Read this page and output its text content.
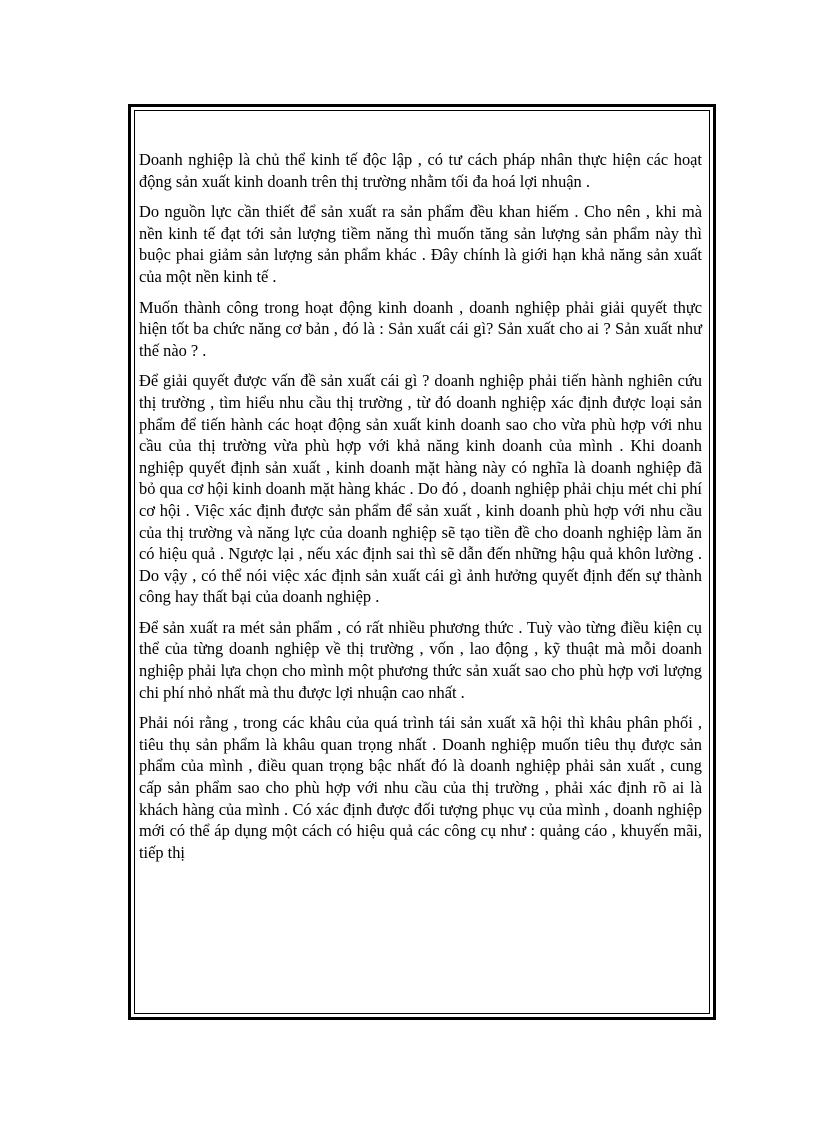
Doanh nghiệp là chủ thể kinh tế độc lập , có tư cách pháp nhân thực hiện các hoạt động sản xuất kinh doanh trên thị trường nhằm tối đa hoá lợi nhuận .

Do nguồn lực cần thiết để sản xuất ra sản phẩm đều khan hiếm . Cho nên , khi mà nền kinh tế đạt tới sản lượng tiềm năng thì muốn tăng sản lượng sản phẩm này thì buộc phai giảm sản lượng sản phẩm khác . Đây chính là giới hạn khả năng sản xuất của một nền kinh tế .

Muốn thành công trong hoạt động kinh doanh , doanh nghiệp phải giải quyết thực hiện tốt ba chức năng cơ bản , đó là : Sản xuất cái gì? Sản xuất cho ai ? Sản xuất như thế nào ? .

Để giải quyết được vấn đề sản xuất cái gì ? doanh nghiệp phải tiến hành nghiên cứu thị trường , tìm hiểu nhu cầu thị trường , từ đó doanh nghiệp xác định được loại sản phẩm để tiến hành các hoạt động sản xuất kinh doanh sao cho vừa phù hợp với nhu cầu của thị trường vừa phù hợp với khả năng kinh doanh của mình . Khi doanh nghiệp quyết định sản xuất , kinh doanh mặt hàng này có nghĩa là doanh nghiệp đã bỏ qua cơ hội kinh doanh mặt hàng khác . Do đó , doanh nghiệp phải chịu mét chi phí cơ hội . Việc xác định được sản phẩm để sản xuất , kinh doanh phù hợp với nhu cầu của thị trường và năng lực của doanh nghiệp sẽ tạo tiền đề cho doanh nghiệp làm ăn có hiệu quả . Ngược lại , nếu xác định sai thì sẽ dẫn đến những hậu quả khôn lường . Do vậy , có thể nói việc xác định sản xuất cái gì ảnh hưởng quyết định đến sự thành công hay thất bại của doanh nghiệp .

Để sản xuất ra mét sản phẩm , có rất nhiều phương thức . Tuỳ vào từng điều kiện cụ thể của từng doanh nghiệp về thị trường , vốn , lao động , kỹ thuật mà mỗi doanh nghiệp phải lựa chọn cho mình một phương thức sản xuất sao cho phù hợp vơi lượng chi phí nhỏ nhất mà thu được lợi nhuận cao nhất .

Phải nói rằng , trong các khâu của quá trình tái sản xuất xã hội thì khâu phân phối , tiêu thụ sản phẩm là khâu quan trọng nhất . Doanh nghiệp muốn tiêu thụ được sản phẩm của mình , điều quan trọng bậc nhất đó là doanh nghiệp phải sản xuất , cung cấp sản phẩm sao cho phù hợp với nhu cầu của thị trường , phải xác định rõ ai là khách hàng của mình . Có xác định được đối tượng phục vụ của mình , doanh nghiệp mới có thể áp dụng một cách có hiệu quả các công cụ như : quảng cáo , khuyến mãi, tiếp thị
